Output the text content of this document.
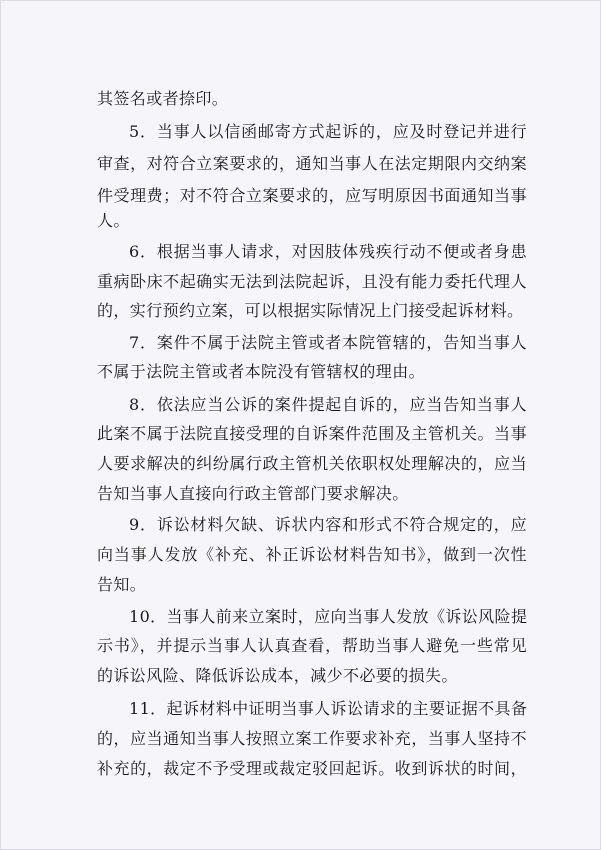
其签名或者捺印。
5．当事人以信函邮寄方式起诉的，应及时登记并进行
审查，对符合立案要求的，通知当事人在法定期限内交纳案
件受理费；对不符合立案要求的，应写明原因书面通知当事
人。
6．根据当事人请求，对因肢体残疾行动不便或者身患
重病卧床不起确实无法到法院起诉，且没有能力委托代理人
的，实行预约立案，可以根据实际情况上门接受起诉材料。
7．案件不属于法院主管或者本院管辖的，告知当事人
不属于法院主管或者本院没有管辖权的理由。
8．依法应当公诉的案件提起自诉的，应当告知当事人
此案不属于法院直接受理的自诉案件范围及主管机关。当事
人要求解决的纠纷属行政主管机关依职权处理解决的，应当
告知当事人直接向行政主管部门要求解决。
9．诉讼材料欠缺、诉状内容和形式不符合规定的，应
向当事人发放《补充、补正诉讼材料告知书》，做到一次性
告知。
10．当事人前来立案时，应向当事人发放《诉讼风险提
示书》，并提示当事人认真查看，帮助当事人避免一些常见
的诉讼风险、降低诉讼成本，减少不必要的损失。
11．起诉材料中证明当事人诉讼请求的主要证据不具备
的，应当通知当事人按照立案工作要求补充，当事人坚持不
补充的，裁定不予受理或裁定驳回起诉。收到诉状的时间，
